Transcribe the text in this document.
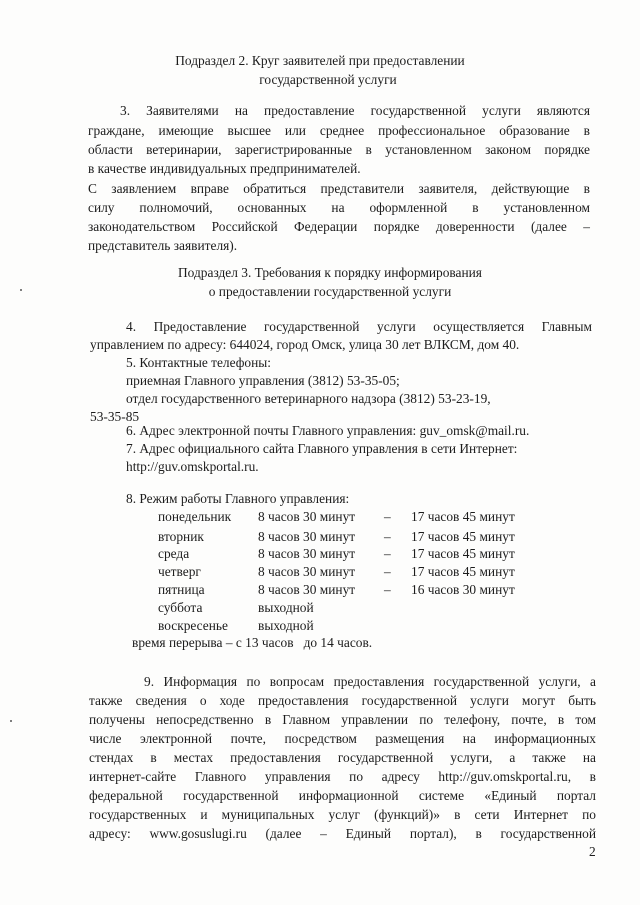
Подраздел 2. Круг заявителей при предоставлении
государственной услуги
3. Заявителями на предоставление государственной услуги являются
граждане, имеющие высшее или среднее профессиональное образование в
области ветеринарии, зарегистрированные в установленном законом порядке
в качестве индивидуальных предпринимателей.
С заявлением вправе обратиться представители заявителя, действующие в
силу полномочий, основанных на оформленной в установленном
законодательством Российской Федерации порядке доверенности (далее –
представитель заявителя).
Подраздел 3. Требования к порядку информирования
о предоставлении государственной услуги
4. Предоставление государственной услуги осуществляется Главным
управлением по адресу: 644024, город Омск, улица 30 лет ВЛКСМ, дом 40.
5. Контактные телефоны:
приемная Главного управления (3812) 53-35-05;
отдел государственного ветеринарного надзора (3812) 53-23-19,
53-35-85
6. Адрес электронной почты Главного управления: guv_omsk@mail.ru.
7. Адрес официального сайта Главного управления в сети Интернет:
http://guv.omskportal.ru.
8. Режим работы Главного управления:
понедельник 8 часов 30 минут – 17 часов 45 минут
вторник	8 часов 30 минут – 17 часов 45 минут
среда	8 часов 30 минут – 17 часов 45 минут
четверг	8 часов 30 минут – 17 часов 45 минут
пятница	8 часов 30 минут – 16 часов 30 минут
суббота	выходной
воскресенье выходной
время перерыва – с 13 часов   до 14 часов.
9. Информация по вопросам предоставления государственной услуги, а
также сведения о ходе предоставления государственной услуги могут быть
получены непосредственно в Главном управлении по телефону, почте, в том
числе электронной почте, посредством размещения на информационных
стендах в местах предоставления государственной услуги, а также на
интернет-сайте Главного управления по адресу http://guv.omskportal.ru, в
федеральной государственной информационной системе «Единый портал
государственных и муниципальных услуг (функций)» в сети Интернет по
адресу: www.gosuslugi.ru (далее – Единый портал), в государственной
2
